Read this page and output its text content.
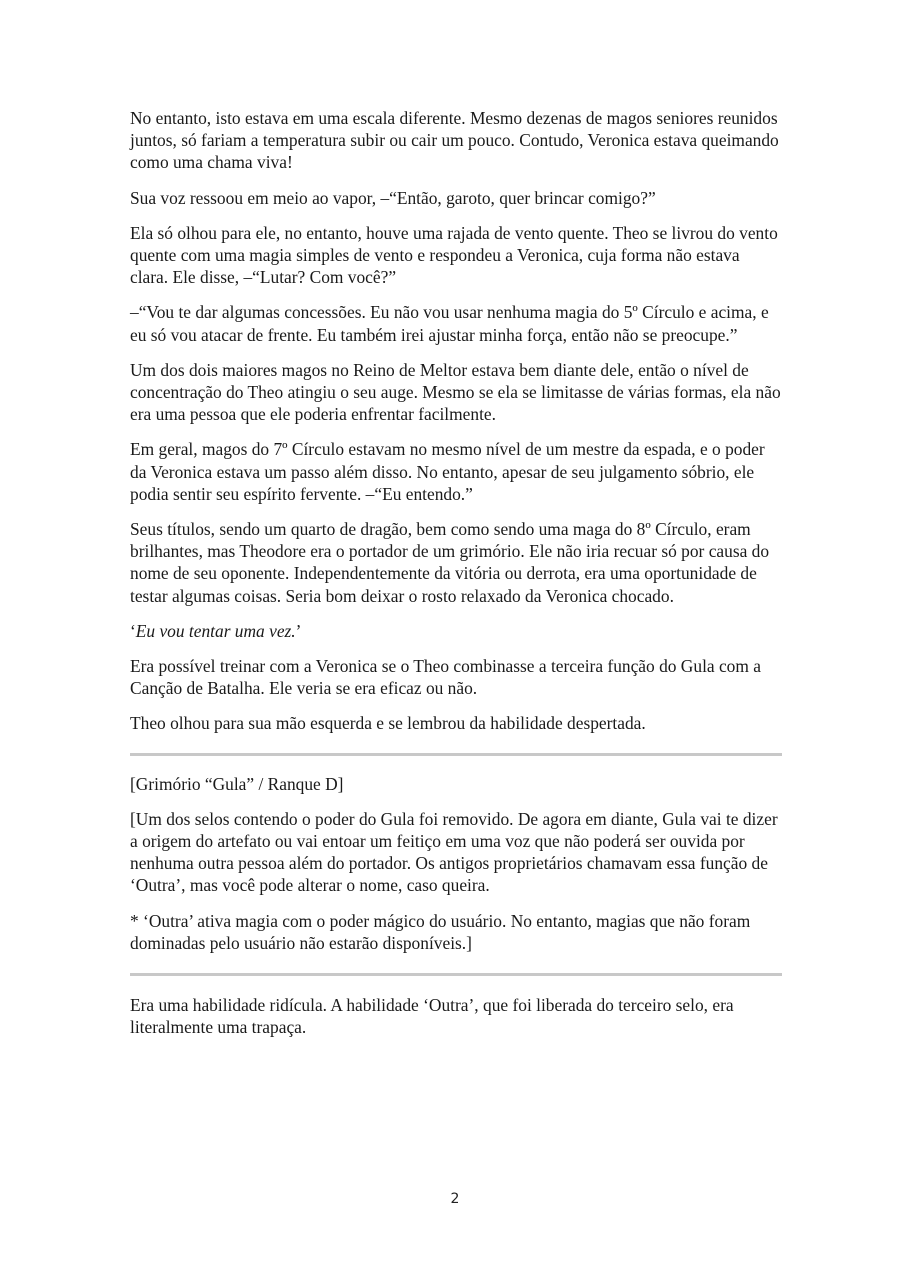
No entanto, isto estava em uma escala diferente. Mesmo dezenas de magos seniores reunidos juntos, só fariam a temperatura subir ou cair um pouco. Contudo, Veronica estava queimando como uma chama viva!

Sua voz ressoou em meio ao vapor, –“Então, garoto, quer brincar comigo?”

Ela só olhou para ele, no entanto, houve uma rajada de vento quente. Theo se livrou do vento quente com uma magia simples de vento e respondeu a Veronica, cuja forma não estava clara. Ele disse, –“Lutar? Com você?”

–“Vou te dar algumas concessões. Eu não vou usar nenhuma magia do 5º Círculo e acima, e eu só vou atacar de frente. Eu também irei ajustar minha força, então não se preocupe.”

Um dos dois maiores magos no Reino de Meltor estava bem diante dele, então o nível de concentração do Theo atingiu o seu auge. Mesmo se ela se limitasse de várias formas, ela não era uma pessoa que ele poderia enfrentar facilmente.

Em geral, magos do 7º Círculo estavam no mesmo nível de um mestre da espada, e o poder da Veronica estava um passo além disso. No entanto, apesar de seu julgamento sóbrio, ele podia sentir seu espírito fervente. –“Eu entendo.”

Seus títulos, sendo um quarto de dragão, bem como sendo uma maga do 8º Círculo, eram brilhantes, mas Theodore era o portador de um grimório. Ele não iria recuar só por causa do nome de seu oponente. Independentemente da vitória ou derrota, era uma oportunidade de testar algumas coisas. Seria bom deixar o rosto relaxado da Veronica chocado.

‘Eu vou tentar uma vez.’

Era possível treinar com a Veronica se o Theo combinasse a terceira função do Gula com a Canção de Batalha. Ele veria se era eficaz ou não.

Theo olhou para sua mão esquerda e se lembrou da habilidade despertada.

[Grimório “Gula” / Ranque D]

[Um dos selos contendo o poder do Gula foi removido. De agora em diante, Gula vai te dizer a origem do artefato ou vai entoar um feitiço em uma voz que não poderá ser ouvida por nenhuma outra pessoa além do portador. Os antigos proprietários chamavam essa função de ‘Outra’, mas você pode alterar o nome, caso queira.

* ‘Outra’ ativa magia com o poder mágico do usuário. No entanto, magias que não foram dominadas pelo usuário não estarão disponíveis.]

Era uma habilidade ridícula. A habilidade ‘Outra’, que foi liberada do terceiro selo, era literalmente uma trapaça.

2
